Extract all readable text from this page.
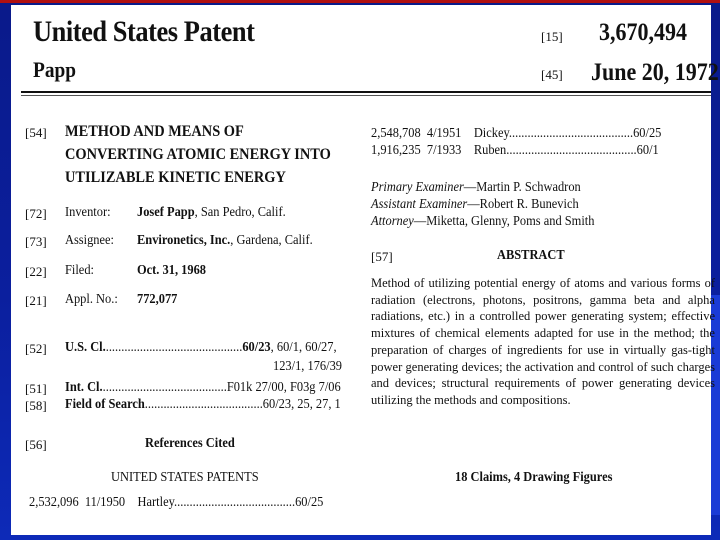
United States Patent
Papp
[15] 3,670,494
[45] June 20, 1972
[54] METHOD AND MEANS OF
CONVERTING ATOMIC ENERGY INTO
UTILIZABLE KINETIC ENERGY
[72] Inventor: Josef Papp, San Pedro, Calif.
[73] Assignee: Environetics, Inc., Gardena, Calif.
[22] Filed:	Oct. 31, 1968
[21] Appl. No.: 772,077
[52] U.S. Cl.............................................60/23, 60/1, 60/27,
123/1, 176/39
[51] Int. Cl.........................................F01k 27/00, F03g 7/06
[58] Field of Search......................................60/23, 25, 27, 1
[56]	References Cited
UNITED STATES PATENTS
2,532,096 11/1950 Hartley.......................................60/25
2,548,708 4/1951 Dickey........................................60/25
1,916,235 7/1933 Ruben..........................................60/1
Primary Examiner—Martin P. Schwadron
Assistant Examiner—Robert R. Bunevich
Attorney—Miketta, Glenny, Poms and Smith
[57]	ABSTRACT
Method of utilizing potential energy of atoms and various forms of radiation (electrons, photons, positrons, gamma beta and alpha radiations, etc.) in a controlled power generating system; effective mixtures of chemical elements adapted for use in the method; the preparation of charges of ingredients for use in virtually gas-tight power generating devices; the activation and control of such charges and devices; structural requirements of power generating devices utilizing the methods and compositions.
18 Claims, 4 Drawing Figures
